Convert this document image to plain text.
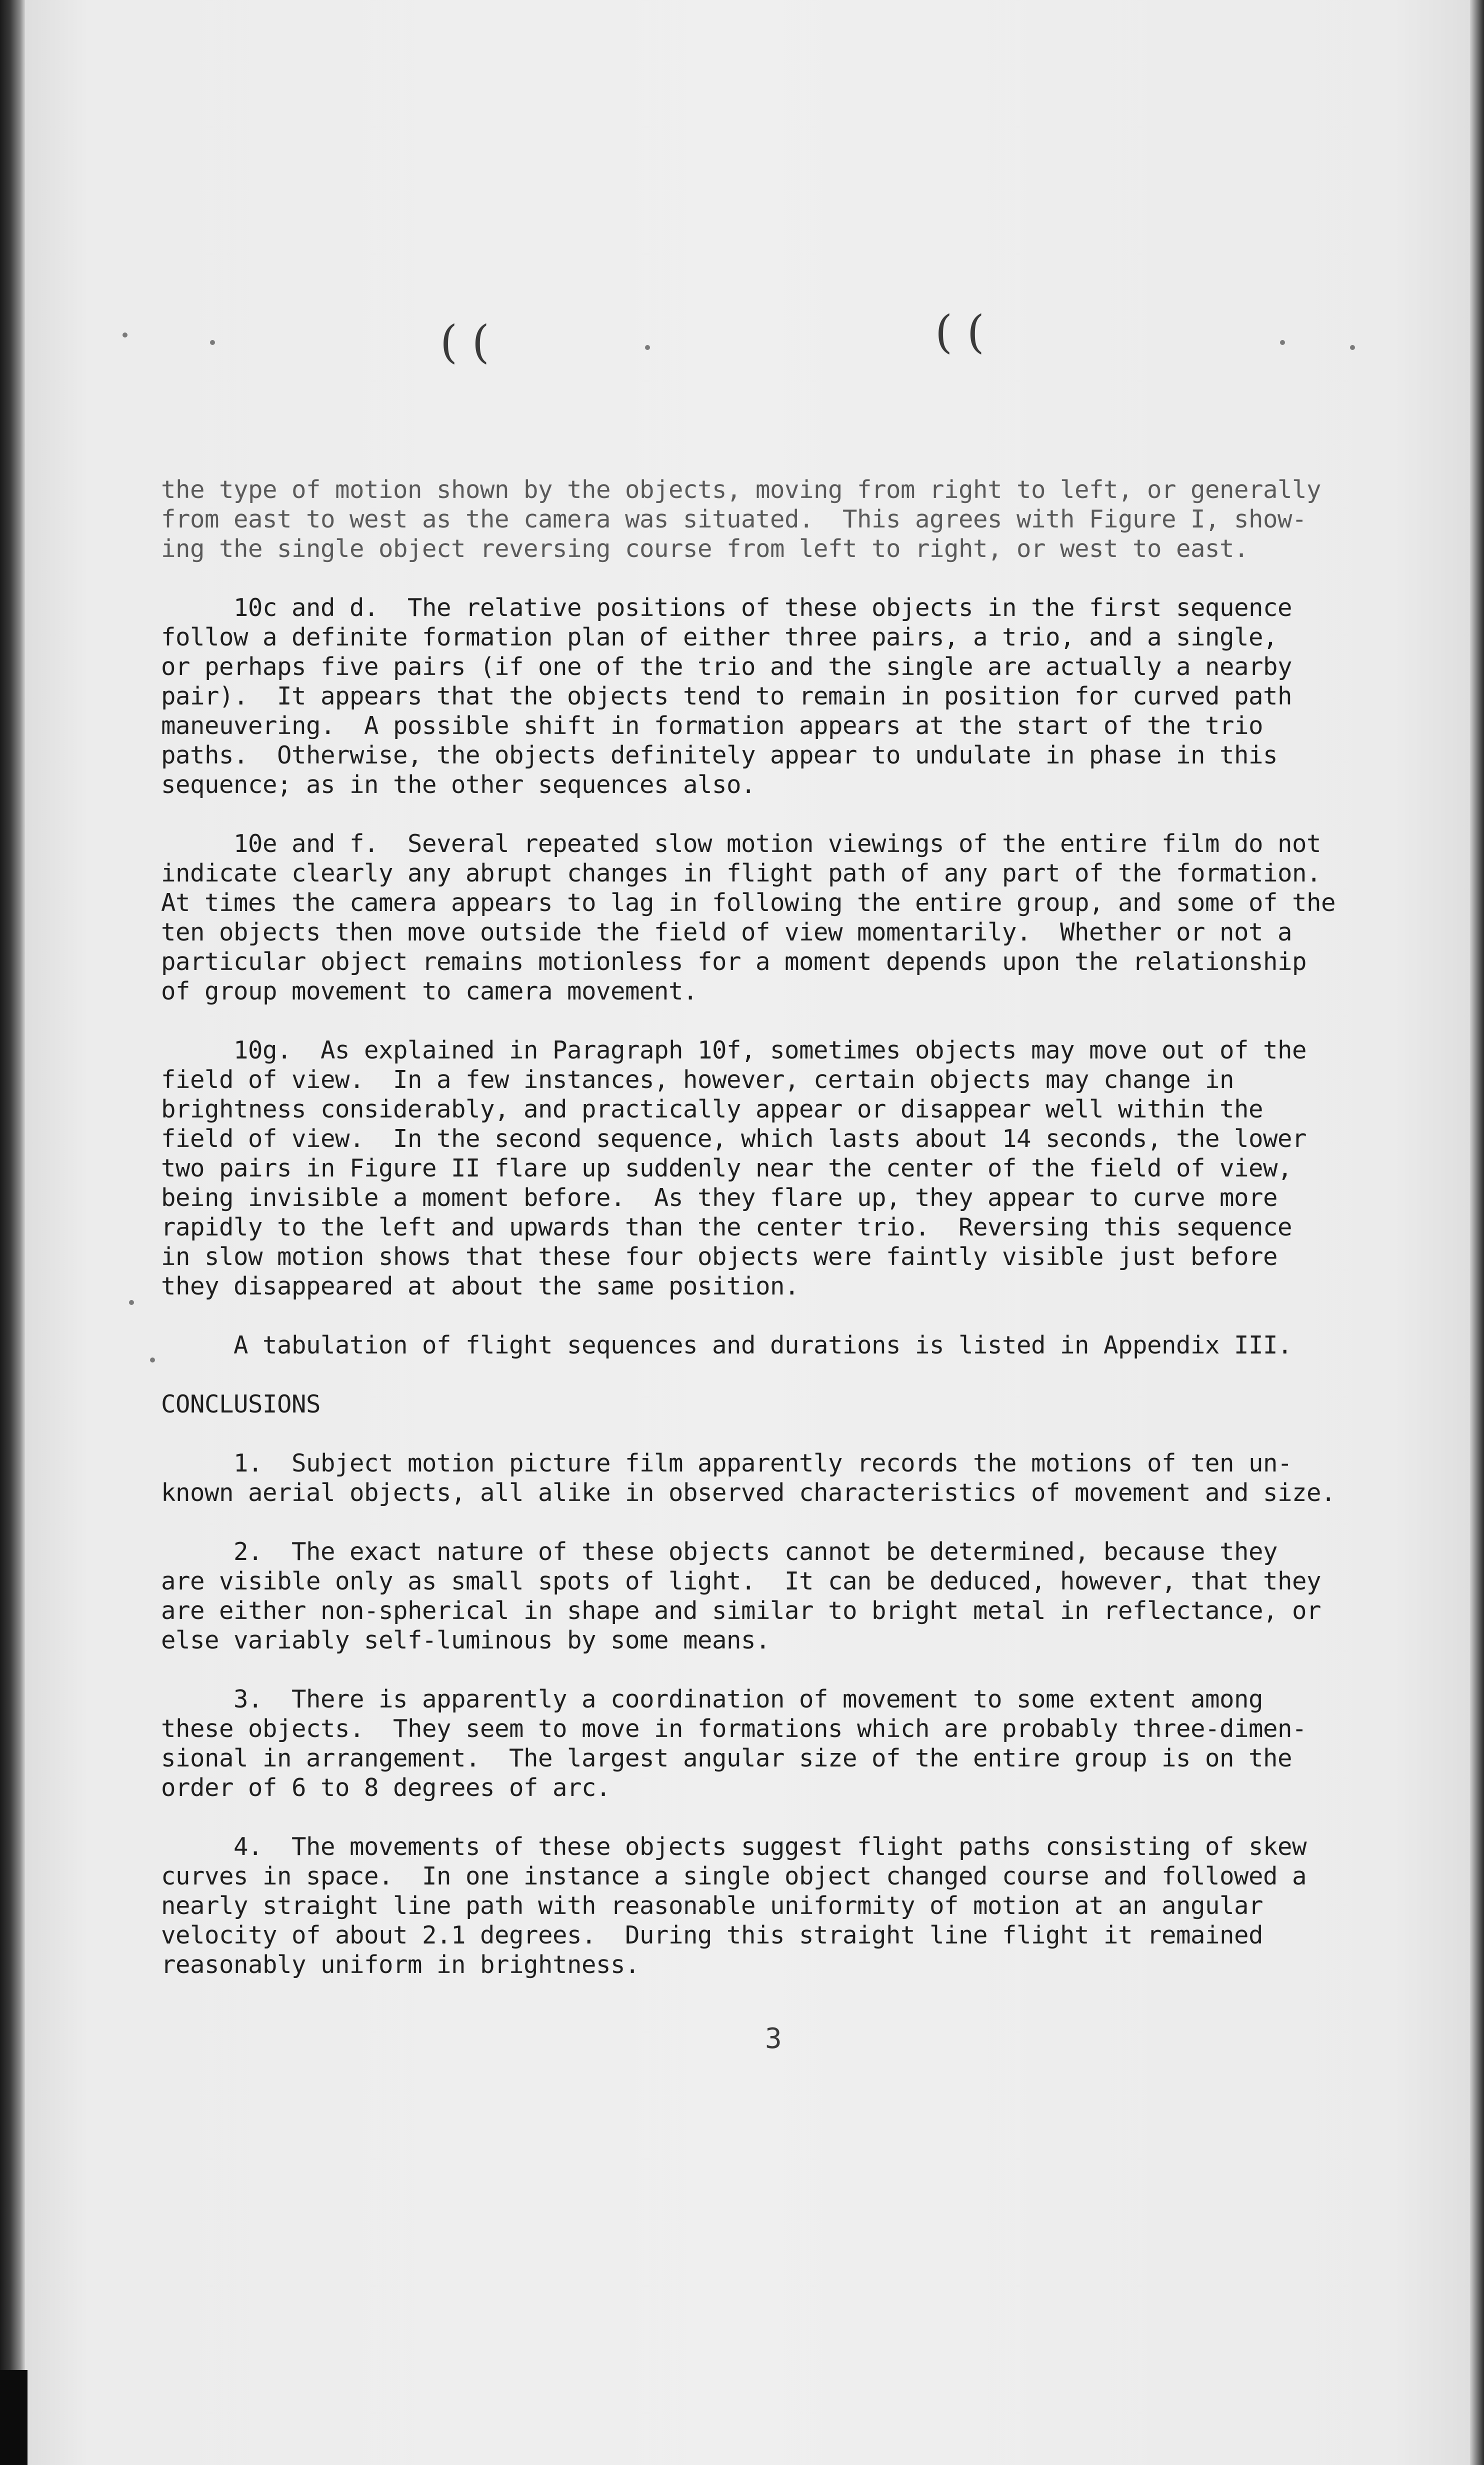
( (	( (
the type of motion shown by the objects, moving from right to left, or generally
from east to west as the camera was situated.  This agrees with Figure I, show-
ing the single object reversing course from left to right, or west to east.
10c and d.  The relative positions of these objects in the first sequence
follow a definite formation plan of either three pairs, a trio, and a single,
or perhaps five pairs (if one of the trio and the single are actually a nearby
pair).  It appears that the objects tend to remain in position for curved path
maneuvering.  A possible shift in formation appears at the start of the trio
paths.  Otherwise, the objects definitely appear to undulate in phase in this
sequence; as in the other sequences also.
10e and f.  Several repeated slow motion viewings of the entire film do not
indicate clearly any abrupt changes in flight path of any part of the formation.
At times the camera appears to lag in following the entire group, and some of the
ten objects then move outside the field of view momentarily.  Whether or not a
particular object remains motionless for a moment depends upon the relationship
of group movement to camera movement.
10g.  As explained in Paragraph 10f, sometimes objects may move out of the
field of view.  In a few instances, however, certain objects may change in
brightness considerably, and practically appear or disappear well within the
field of view.  In the second sequence, which lasts about 14 seconds, the lower
two pairs in Figure II flare up suddenly near the center of the field of view,
being invisible a moment before.  As they flare up, they appear to curve more
rapidly to the left and upwards than the center trio.  Reversing this sequence
in slow motion shows that these four objects were faintly visible just before
they disappeared at about the same position.
A tabulation of flight sequences and durations is listed in Appendix III.
CONCLUSIONS
1.  Subject motion picture film apparently records the motions of ten un-
known aerial objects, all alike in observed characteristics of movement and size.
2.  The exact nature of these objects cannot be determined, because they
are visible only as small spots of light.  It can be deduced, however, that they
are either non-spherical in shape and similar to bright metal in reflectance, or
else variably self-luminous by some means.
3.  There is apparently a coordination of movement to some extent among
these objects.  They seem to move in formations which are probably three-dimen-
sional in arrangement.  The largest angular size of the entire group is on the
order of 6 to 8 degrees of arc.
4.  The movements of these objects suggest flight paths consisting of skew
curves in space.  In one instance a single object changed course and followed a
nearly straight line path with reasonable uniformity of motion at an angular
velocity of about 2.1 degrees.  During this straight line flight it remained
reasonably uniform in brightness.
3
